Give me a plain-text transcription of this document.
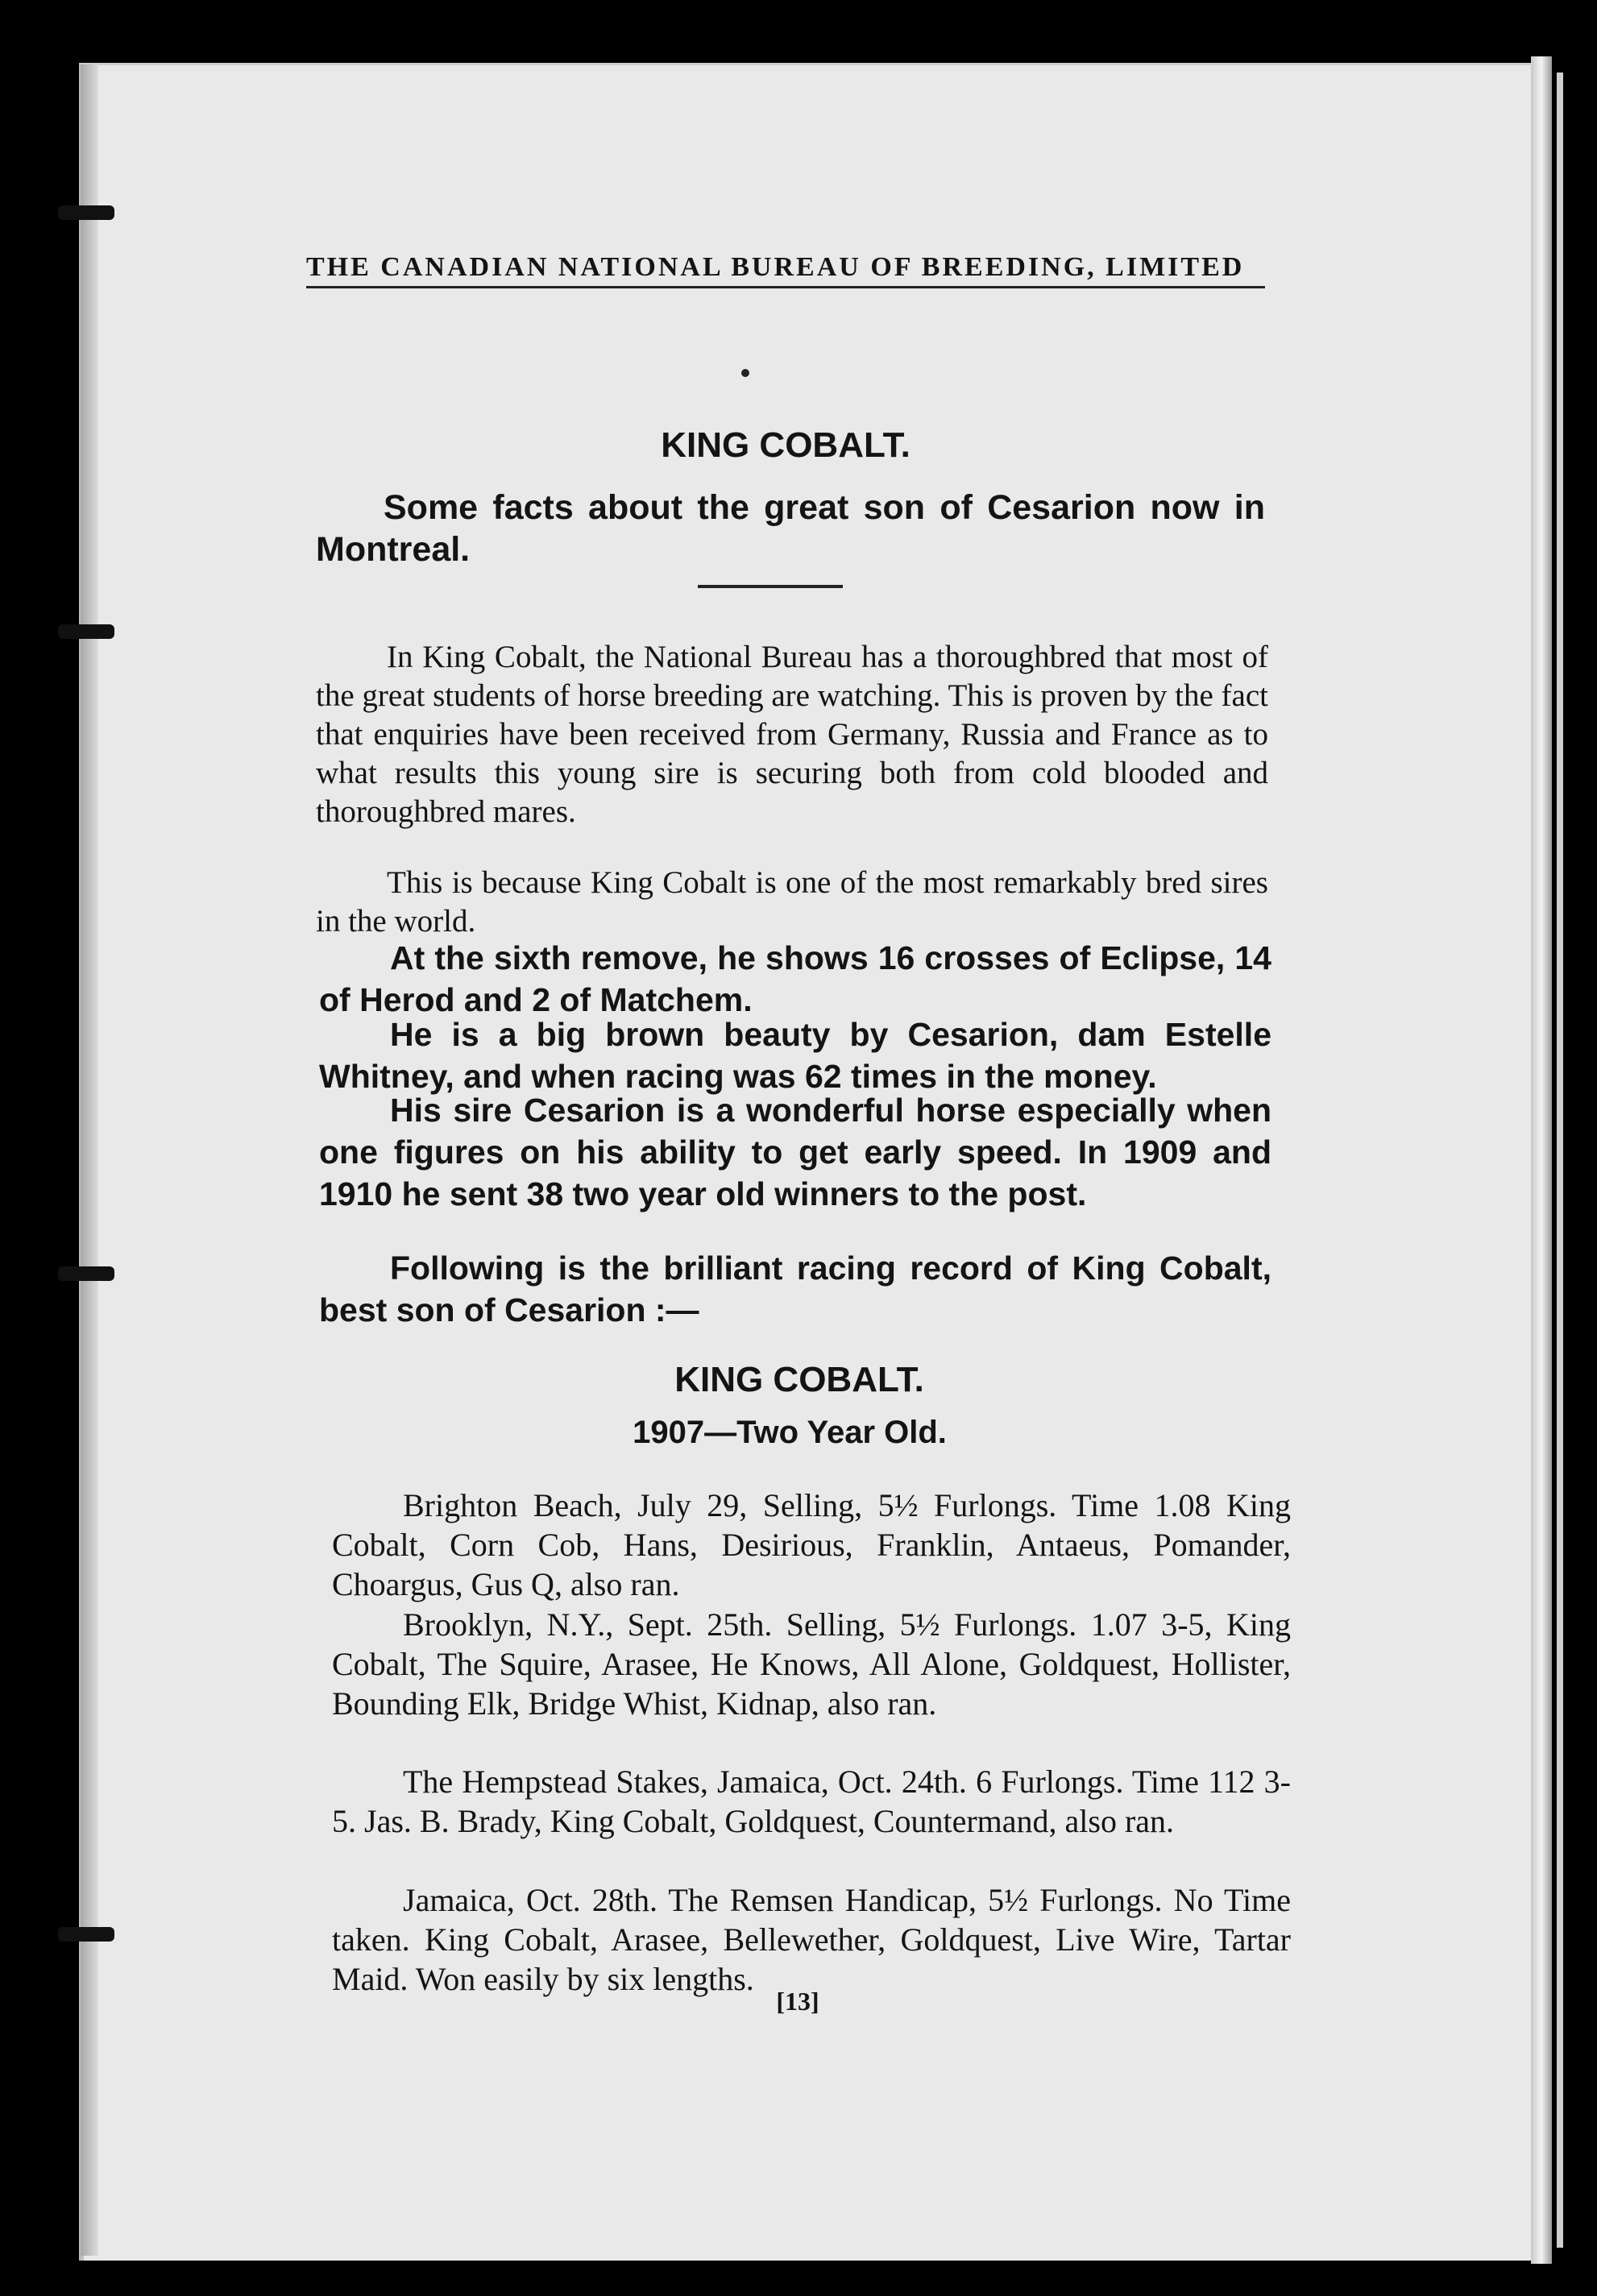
THE CANADIAN NATIONAL BUREAU OF BREEDING, LIMITED
KING COBALT.
Some facts about the great son of Cesarion now in Montreal.
In King Cobalt, the National Bureau has a thoroughbred that most of the great students of horse breeding are watching. This is proven by the fact that enquiries have been received from Germany, Russia and France as to what results this young sire is securing both from cold blooded and thoroughbred mares.
This is because King Cobalt is one of the most remarkably bred sires in the world.
At the sixth remove, he shows 16 crosses of Eclipse, 14 of Herod and 2 of Matchem.
He is a big brown beauty by Cesarion, dam Estelle Whitney, and when racing was 62 times in the money.
His sire Cesarion is a wonderful horse especially when one figures on his ability to get early speed. In 1909 and 1910 he sent 38 two year old winners to the post.
Following is the brilliant racing record of King Cobalt, best son of Cesarion :—
KING COBALT.
1907—Two Year Old.
Brighton Beach, July 29, Selling, 5½ Furlongs. Time 1.08 King Cobalt, Corn Cob, Hans, Desirious, Franklin, Antaeus, Pomander, Choargus, Gus Q, also ran.
Brooklyn, N.Y., Sept. 25th. Selling, 5½ Furlongs. 1.07 3-5, King Cobalt, The Squire, Arasee, He Knows, All Alone, Goldquest, Hollister, Bounding Elk, Bridge Whist, Kidnap, also ran.
The Hempstead Stakes, Jamaica, Oct. 24th. 6 Furlongs. Time 112 3-5. Jas. B. Brady, King Cobalt, Goldquest, Countermand, also ran.
Jamaica, Oct. 28th. The Remsen Handicap, 5½ Furlongs. No Time taken. King Cobalt, Arasee, Bellewether, Goldquest, Live Wire, Tartar Maid. Won easily by six lengths.
[13]
